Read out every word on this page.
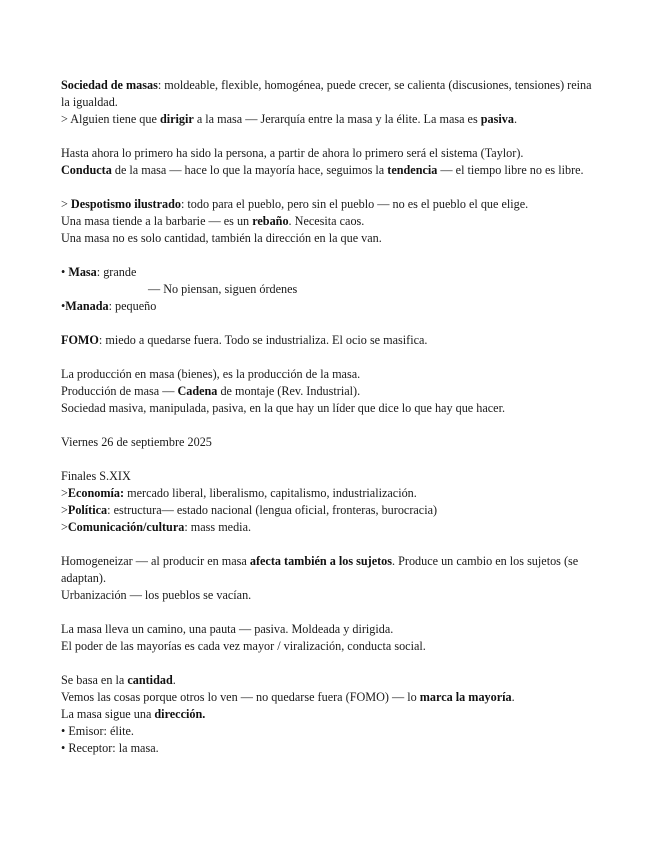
Sociedad de masas: moldeable, flexible, homogénea, puede crecer, se calienta (discusiones, tensiones) reina la igualdad.
> Alguien tiene que dirigir a la masa — Jerarquía entre la masa y la élite. La masa es pasiva.
Hasta ahora lo primero ha sido la persona, a partir de ahora lo primero será el sistema (Taylor).
Conducta de la masa — hace lo que la mayoría hace, seguimos la tendencia — el tiempo libre no es libre.
> Despotismo ilustrado: todo para el pueblo, pero sin el pueblo — no es el pueblo el que elige.
Una masa tiende a la barbarie — es un rebaño. Necesita caos.
Una masa no es solo cantidad, también la dirección en la que van.
• Masa: grande
— No piensan, siguen órdenes
•Manada: pequeño
FOMO: miedo a quedarse fuera. Todo se industrializa. El ocio se masifica.
La producción en masa (bienes), es la producción de la masa.
Producción de masa — Cadena de montaje (Rev. Industrial).
Sociedad masiva, manipulada, pasiva, en la que hay un líder que dice lo que hay que hacer.
Viernes 26 de septiembre 2025
Finales S.XIX
>Economía: mercado liberal, liberalismo, capitalismo, industrialización.
>Política: estructura— estado nacional (lengua oficial, fronteras, burocracia)
>Comunicación/cultura: mass media.
Homogeneizar — al producir en masa afecta también a los sujetos. Produce un cambio en los sujetos (se adaptan).
Urbanización — los pueblos se vacían.
La masa lleva un camino, una pauta — pasiva. Moldeada y dirigida.
El poder de las mayorías es cada vez mayor / viralización, conducta social.
Se basa en la cantidad.
Vemos las cosas porque otros lo ven — no quedarse fuera (FOMO) — lo marca la mayoría.
La masa sigue una dirección.
• Emisor: élite.
• Receptor: la masa.
